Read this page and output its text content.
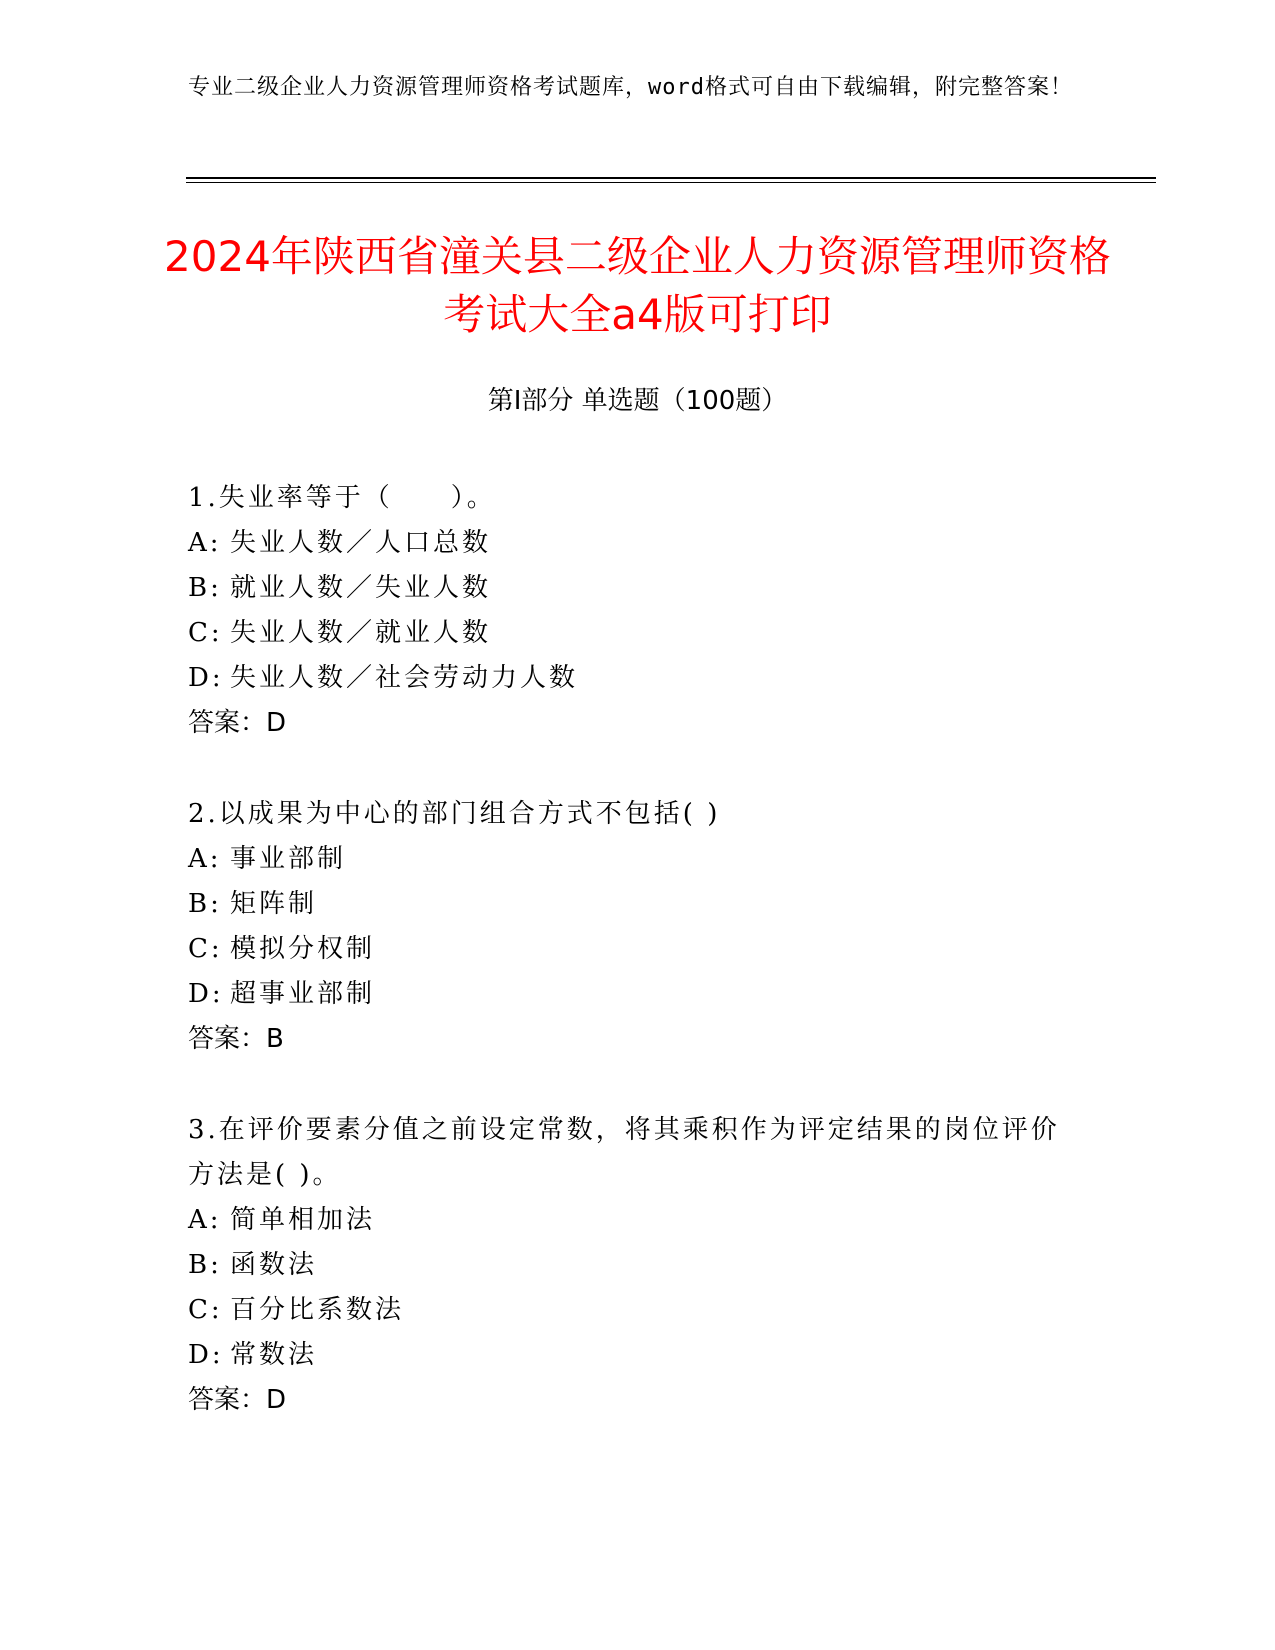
专业二级企业人力资源管理师资格考试题库，word格式可自由下载编辑，附完整答案！
2024年陕西省潼关县二级企业人力资源管理师资格考试大全a4版可打印
第Ⅰ部分 单选题（100题）
1.失业率等于（　　）。
A: 失业人数／人口总数
B: 就业人数／失业人数
C: 失业人数／就业人数
D: 失业人数／社会劳动力人数
答案：D
2.以成果为中心的部门组合方式不包括( )
A: 事业部制
B: 矩阵制
C: 模拟分权制
D: 超事业部制
答案：B
3.在评价要素分值之前设定常数，将其乘积作为评定结果的岗位评价方法是( )。
A: 简单相加法
B: 函数法
C: 百分比系数法
D: 常数法
答案：D
